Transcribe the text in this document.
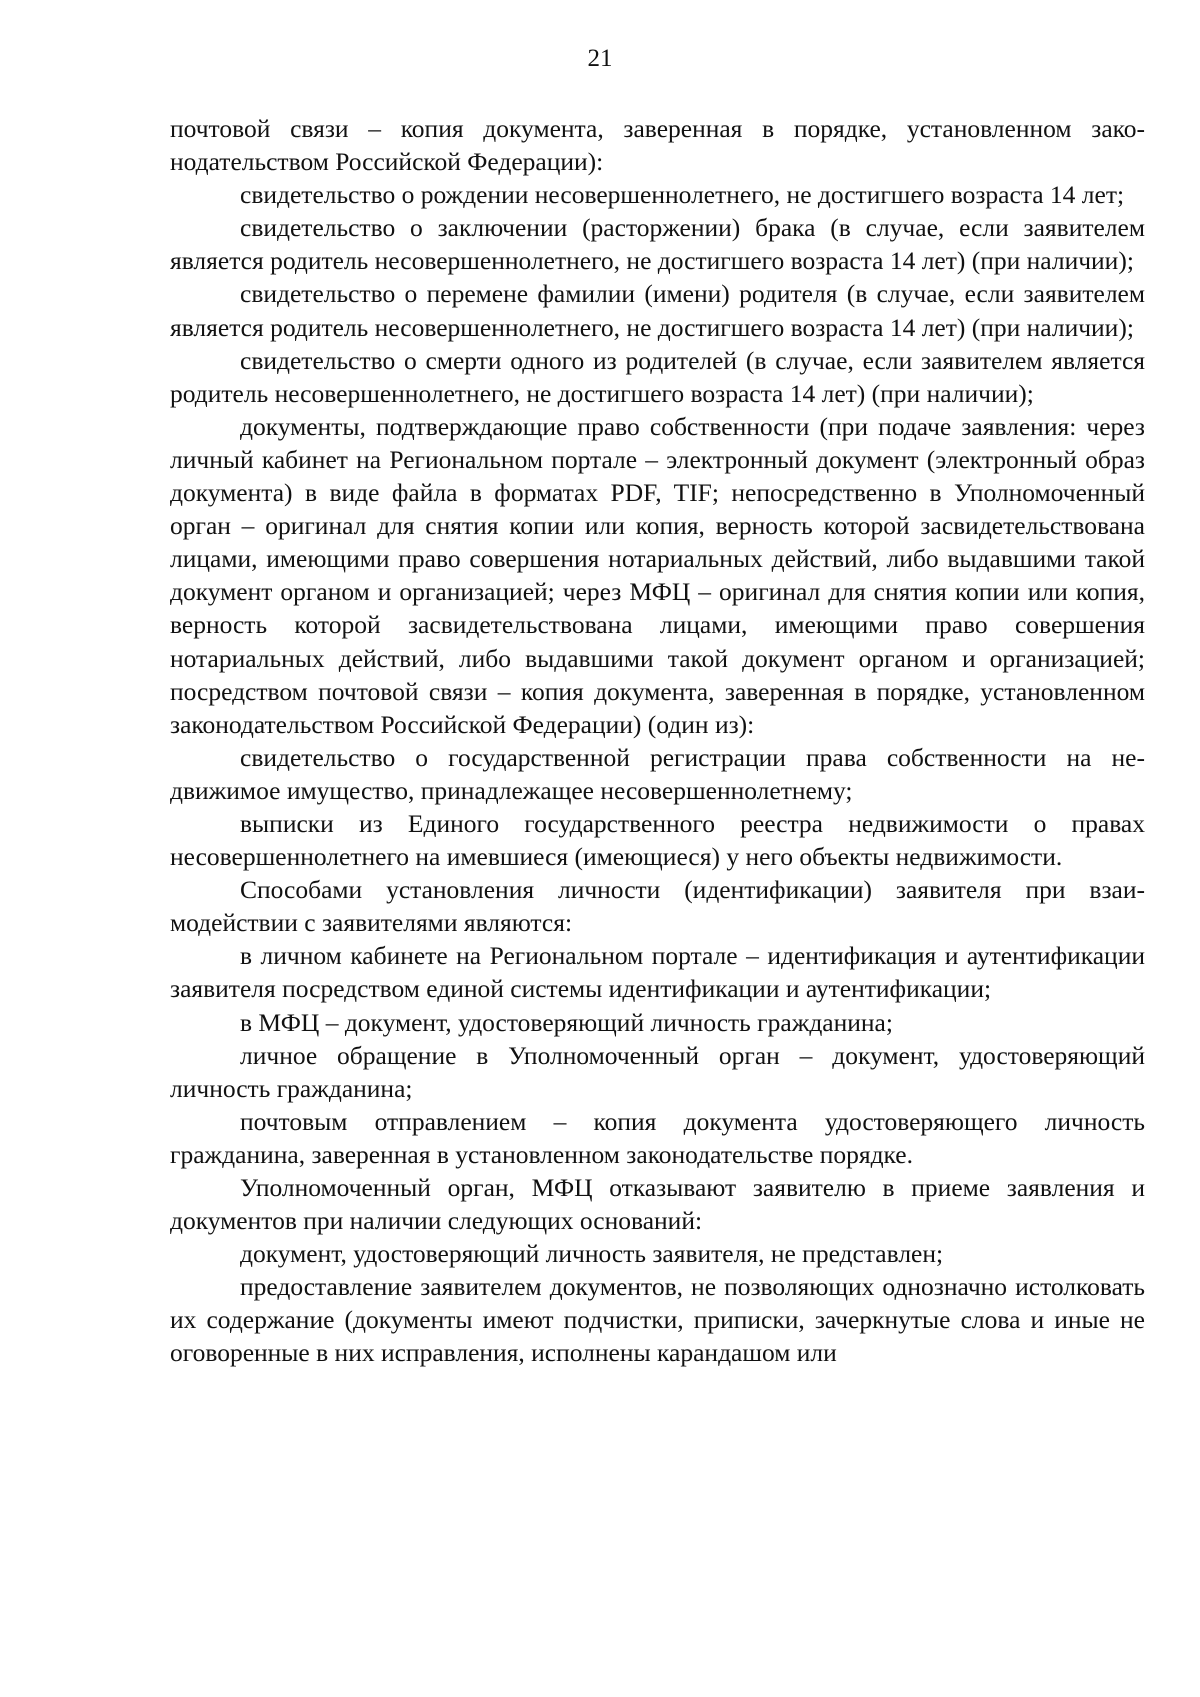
21

почтовой связи – копия документа, заверенная в порядке, установленном законодательством Российской Федерации):

свидетельство о рождении несовершеннолетнего, не достигшего возраста 14 лет;

свидетельство о заключении (расторжении) брака (в случае, если заявителем является родитель несовершеннолетнего, не достигшего возраста 14 лет) (при наличии);

свидетельство о перемене фамилии (имени) родителя (в случае, если заявителем является родитель несовершеннолетнего, не достигшего возраста 14 лет) (при наличии);

свидетельство о смерти одного из родителей (в случае, если заявителем является родитель несовершеннолетнего, не достигшего возраста 14 лет) (при наличии);

документы, подтверждающие право собственности (при подаче заявления: через личный кабинет на Региональном портале – электронный документ (электронный образ документа) в виде файла в форматах PDF, TIF; непосредственно в Уполномоченный орган – оригинал для снятия копии или копия, верность которой засвидетельствована лицами, имеющими право совершения нотариальных действий, либо выдавшими такой документ органом и организацией; через МФЦ – оригинал для снятия копии или копия, верность которой засвидетельствована лицами, имеющими право совершения нотариальных действий, либо выдавшими такой документ органом и организацией; посредством почтовой связи – копия документа, заверенная в порядке, установленном законодательством Российской Федерации) (один из):

свидетельство о государственной регистрации права собственности на недвижимое имущество, принадлежащее несовершеннолетнему;

выписки из Единого государственного реестра недвижимости о правах несовершеннолетнего на имевшиеся (имеющиеся) у него объекты недвижимости.

Способами установления личности (идентификации) заявителя при взаимодействии с заявителями являются:

в личном кабинете на Региональном портале – идентификация и аутентификации заявителя посредством единой системы идентификации и аутентификации;

в МФЦ – документ, удостоверяющий личность гражданина;

личное обращение в Уполномоченный орган – документ, удостоверяющий личность гражданина;

почтовым отправлением – копия документа удостоверяющего личность гражданина, заверенная в установленном законодательстве порядке.

Уполномоченный орган, МФЦ отказывают заявителю в приеме заявления и документов при наличии следующих оснований:

документ, удостоверяющий личность заявителя, не представлен;

предоставление заявителем документов, не позволяющих однозначно истолковать их содержание (документы имеют подчистки, приписки, зачеркнутые слова и иные не оговоренные в них исправления, исполнены карандашом или
